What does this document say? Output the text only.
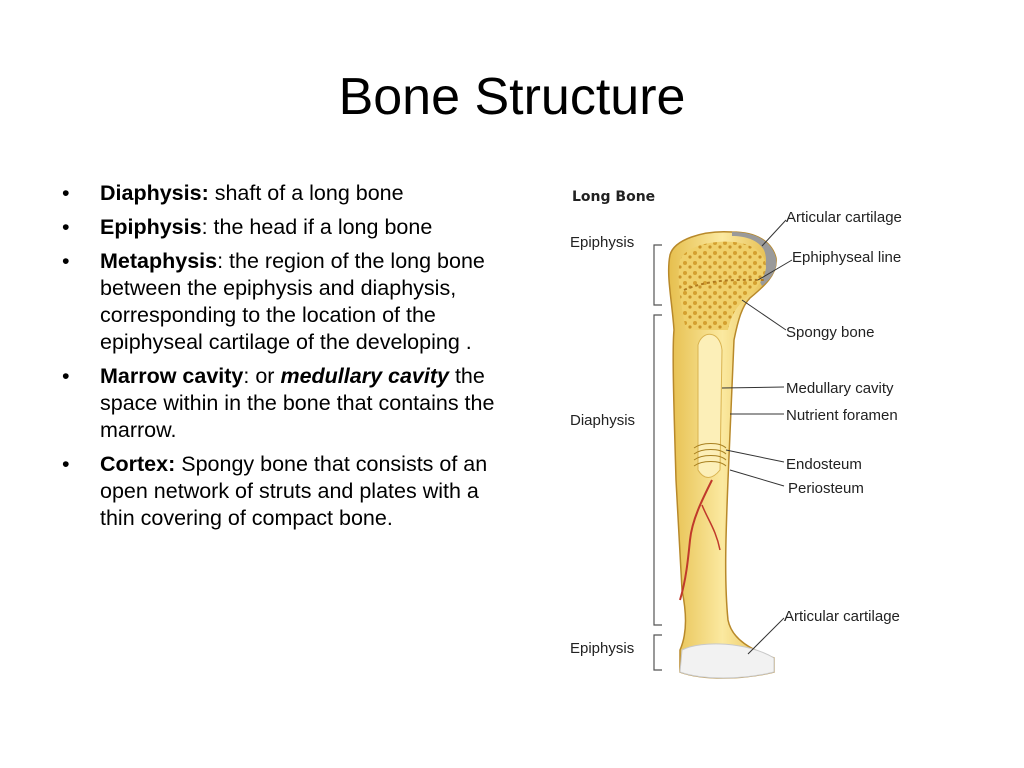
Bone Structure
•	Diaphysis: shaft of a long bone
•	Epiphysis: the head if a long bone
•	Metaphysis: the region of the long bone between the epiphysis and diaphysis, corresponding to the location of the epiphyseal cartilage of the developing .
•	Marrow cavity: or medullary cavity the space within in the bone that contains the marrow.
•	Cortex: Spongy bone that consists of an open network of struts and plates with a thin covering of compact bone.
Long Bone
Epiphysis
Diaphysis
Epiphysis
Articular cartilage
Ephiphyseal line
Spongy bone
Medullary cavity
Nutrient foramen
Endosteum
Periosteum
Articular cartilage
